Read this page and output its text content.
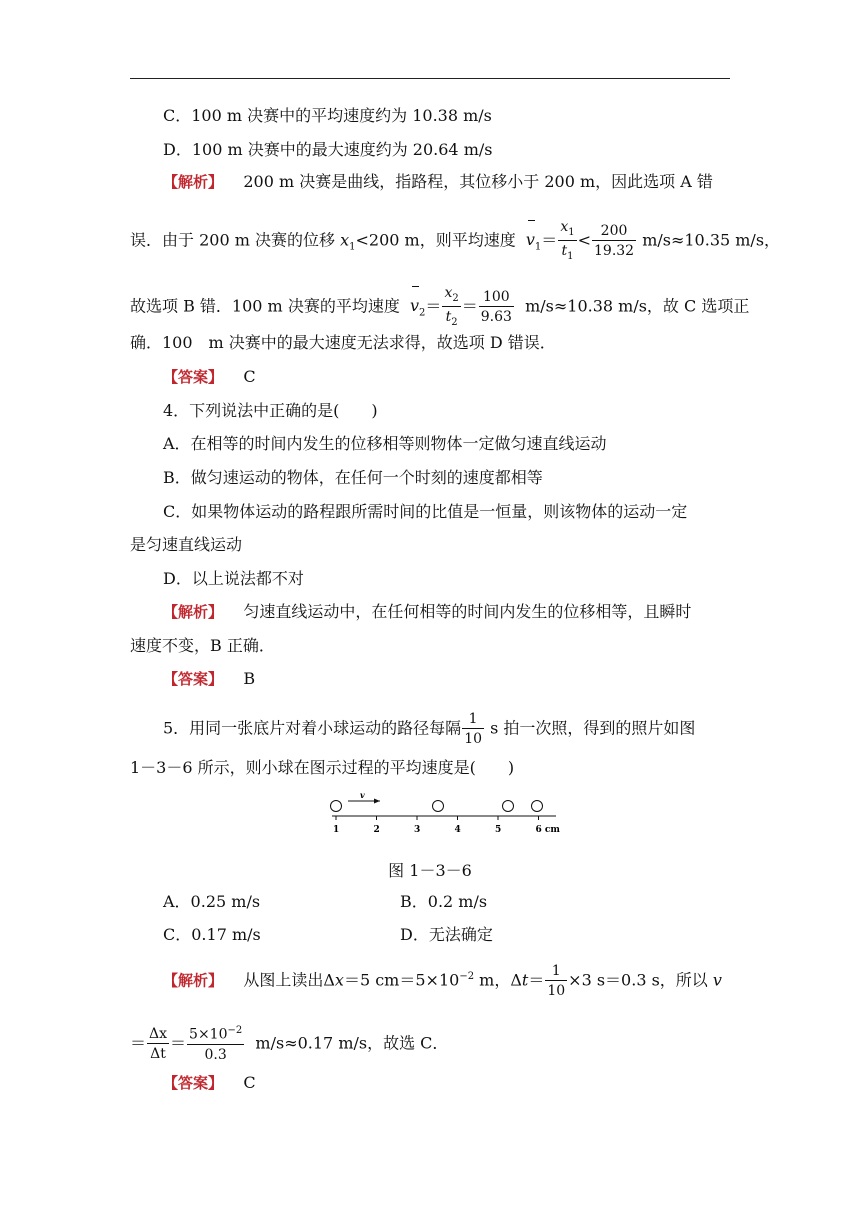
C．100 m 决赛中的平均速度约为 10.38 m/s
D．100 m 决赛中的最大速度约为 20.64 m/s
【解析】 200 m 决赛是曲线，指路程，其位移小于 200 m，因此选项 A 错
误．由于 200 m 决赛的位移 $x_1<200$ m，则平均速度 $v_1= \frac{x_1}{t_1} < \frac{200}{19.32} m/s\approx 10.35$ m/s，
故选项 B 错．100 m 决赛的平均速度 $v_2= \frac{x_2}{t_2} = \frac{100}{9.63} m/s\approx 10.38$ m/s，故 C 选项正
确．100　m 决赛中的最大速度无法求得，故选项 D 错误．
【答案】 C
4．下列说法中正确的是(　　)
A．在相等的时间内发生的位移相等则物体一定做匀速直线运动
B．做匀速运动的物体，在任何一个时刻的速度都相等
C．如果物体运动的路程跟所需时间的比值是一恒量，则该物体的运动一定
是匀速直线运动
D．以上说法都不对
【解析】 匀速直线运动中，在任何相等的时间内发生的位移相等，且瞬时
速度不变，B 正确．
【答案】 B
5．用同一张底片对着小球运动的路径每隔 $\frac{1}{10}$ s 拍一次照，得到的照片如图
1－3－6 所示，则小球在图示过程的平均速度是(　　)
v
1	2	3	4	5	6 cm
图 1－3－6
A．0.25 m/s	B．0.2 m/s
C．0.17 m/s	D．无法确定
【解析】 从图上读出Δx＝5 $cm=5\times 10^{-2}$ m，$\Delta t= \frac{1}{10} \times 3$ s＝0.3 s，所以 v
＝ $\frac{\Delta x}{\Delta t} = \frac{5\times 10^{-2}}{0.3} m/s\approx 0.17$ m/s，故选 C．
【答案】 C
